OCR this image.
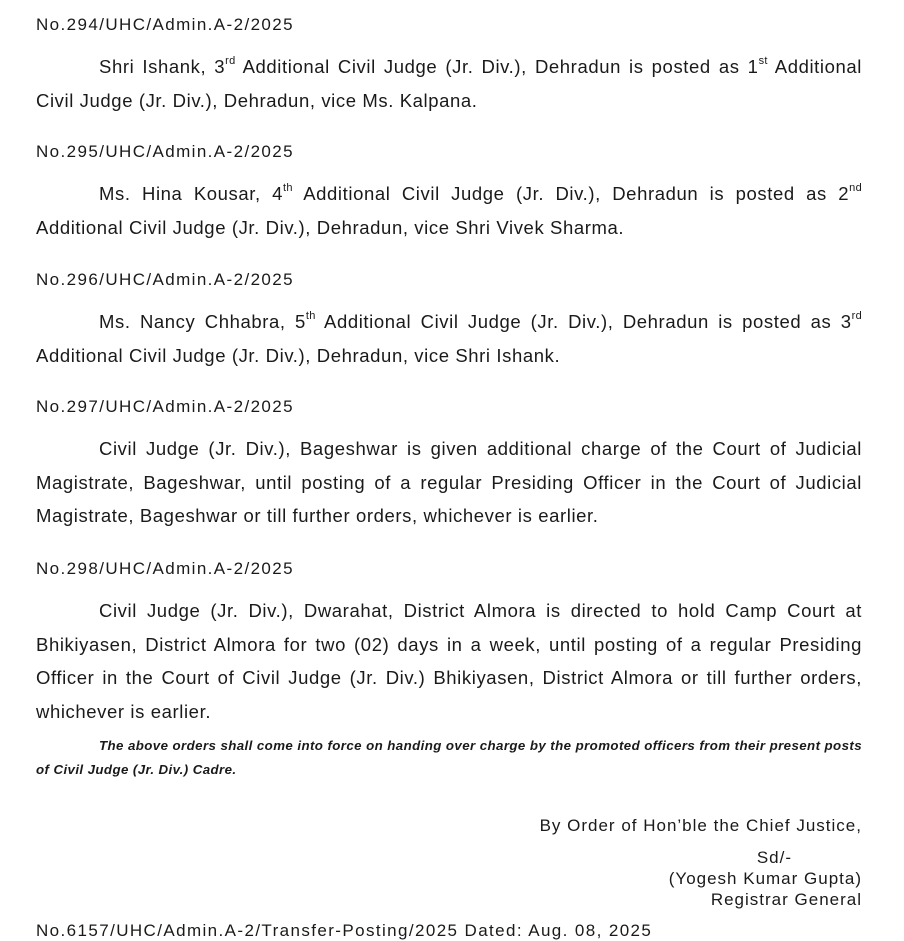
No.294/UHC/Admin.A-2/2025

Shri Ishank, 3rd Additional Civil Judge (Jr. Div.), Dehradun is posted as 1st Additional Civil Judge (Jr. Div.), Dehradun, vice Ms. Kalpana.

No.295/UHC/Admin.A-2/2025

Ms. Hina Kousar, 4th Additional Civil Judge (Jr. Div.), Dehradun is posted as 2nd Additional Civil Judge (Jr. Div.), Dehradun, vice Shri Vivek Sharma.

No.296/UHC/Admin.A-2/2025

Ms. Nancy Chhabra, 5th Additional Civil Judge (Jr. Div.), Dehradun is posted as 3rd Additional Civil Judge (Jr. Div.), Dehradun, vice Shri Ishank.

No.297/UHC/Admin.A-2/2025

Civil Judge (Jr. Div.), Bageshwar is given additional charge of the Court of Judicial Magistrate, Bageshwar, until posting of a regular Presiding Officer in the Court of Judicial Magistrate, Bageshwar or till further orders, whichever is earlier.

No.298/UHC/Admin.A-2/2025

Civil Judge (Jr. Div.), Dwarahat, District Almora is directed to hold Camp Court at Bhikiyasen, District Almora for two (02) days in a week, until posting of a regular Presiding Officer in the Court of Civil Judge (Jr. Div.) Bhikiyasen, District Almora or till further orders, whichever is earlier.

The above orders shall come into force on handing over charge by the promoted officers from their present posts of Civil Judge (Jr. Div.) Cadre.

By Order of Hon’ble the Chief Justice,
Sd/-
(Yogesh Kumar Gupta)
Registrar General
No.6157/UHC/Admin.A-2/Transfer-Posting/2025 Dated: Aug. 08, 2025
